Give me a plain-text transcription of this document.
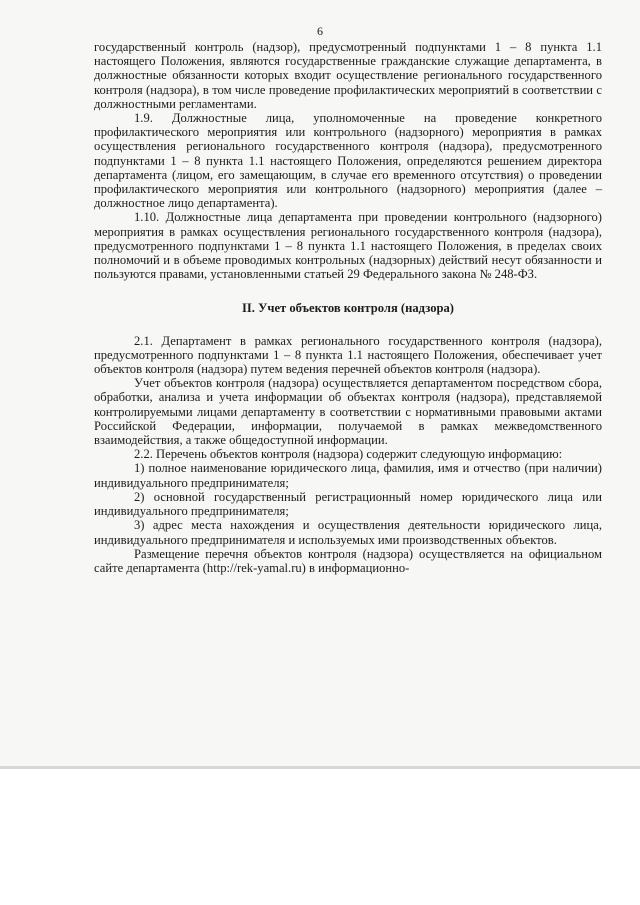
6

государственный контроль (надзор), предусмотренный подпунктами 1 – 8 пункта 1.1 настоящего Положения, являются государственные гражданские служащие департамента, в должностные обязанности которых входит осуществление регионального государственного контроля (надзора), в том числе проведение профилактических мероприятий в соответствии с должностными регламентами.

1.9. Должностные лица, уполномоченные на проведение конкретного профилактического мероприятия или контрольного (надзорного) мероприятия в рамках осуществления регионального государственного контроля (надзора), предусмотренного подпунктами 1 – 8 пункта 1.1 настоящего Положения, определяются решением директора департамента (лицом, его замещающим, в случае его временного отсутствия) о проведении профилактического мероприятия или контрольного (надзорного) мероприятия (далее – должностное лицо департамента).

1.10. Должностные лица департамента при проведении контрольного (надзорного) мероприятия в рамках осуществления регионального государственного контроля (надзора), предусмотренного подпунктами 1 – 8 пункта 1.1 настоящего Положения, в пределах своих полномочий и в объеме проводимых контрольных (надзорных) действий несут обязанности и пользуются правами, установленными статьей 29 Федерального закона № 248-ФЗ.

II. Учет объектов контроля (надзора)

2.1. Департамент в рамках регионального государственного контроля (надзора), предусмотренного подпунктами 1 – 8 пункта 1.1 настоящего Положения, обеспечивает учет объектов контроля (надзора) путем ведения перечней объектов контроля (надзора).

Учет объектов контроля (надзора) осуществляется департаментом посредством сбора, обработки, анализа и учета информации об объектах контроля (надзора), представляемой контролируемыми лицами департаменту в соответствии с нормативными правовыми актами Российской Федерации, информации, получаемой в рамках межведомственного взаимодействия, а также общедоступной информации.

2.2. Перечень объектов контроля (надзора) содержит следующую информацию:

1) полное наименование юридического лица, фамилия, имя и отчество (при наличии) индивидуального предпринимателя;

2) основной государственный регистрационный номер юридического лица или индивидуального предпринимателя;

3) адрес места нахождения и осуществления деятельности юридического лица, индивидуального предпринимателя и используемых ими производственных объектов.

Размещение перечня объектов контроля (надзора) осуществляется на официальном сайте департамента (http://rek-yamal.ru) в информационно-
